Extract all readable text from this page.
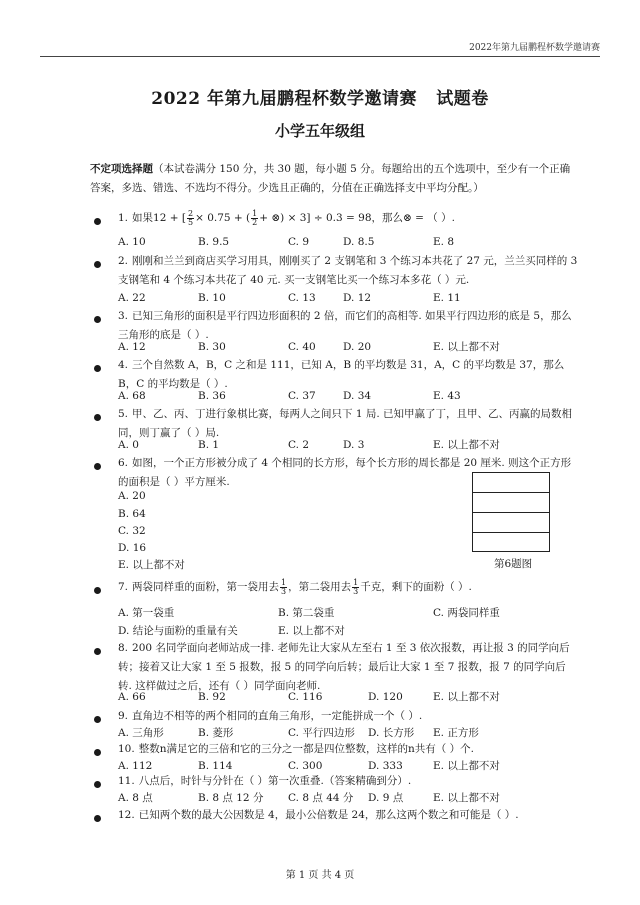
2022年第九届鹏程杯数学邀请赛
2022 年第九届鹏程杯数学邀请赛   试题卷
小学五年级组
不定项选择题（本试卷满分 150 分，共 30 题，每小题 5 分。每题给出的五个选项中，至少有一个正确答案，多选、错选、不选均不得分。少选且正确的，分值在正确选择支中平均分配。）
1. 如果12 + [ $\frac{2}{5} \times 0.75$ + ( $\frac{1}{2}$ + ⊗) × 3] ÷ 0.3 = 98，那么⊗ = （ ）.
A. 10	B. 9.5	C. 9	D. 8.5	E. 8
2. 刚刚和兰兰到商店买学习用具，刚刚买了 2 支钢笔和 3 个练习本共花了 27 元，兰兰买同样的 3 支钢笔和 4 个练习本共花了 40 元. 买一支钢笔比买一个练习本多花（ ）元.
A. 22	B. 10	C. 13	D. 12	E. 11
3. 已知三角形的面积是平行四边形面积的 2 倍，而它们的高相等. 如果平行四边形的底是 5，那么三角形的底是（ ）.
A. 12	B. 30	C. 40	D. 20	E. 以上都不对
4. 三个自然数 A，B，C 之和是 111，已知 A，B 的平均数是 31，A，C 的平均数是 37，那么 B，C 的平均数是（ ）.
A. 68	B. 36	C. 37	D. 34	E. 43
5. 甲、乙、丙、丁进行象棋比赛，每两人之间只下 1 局. 已知甲赢了丁，且甲、乙、丙赢的局数相同，则丁赢了（ ）局.
A. 0	B. 1	C. 2	D. 3	E. 以上都不对
6. 如图，一个正方形被分成了 4 个相同的长方形，每个长方形的周长都是 20 厘米. 则这个正方形的面积是（ ）平方厘米.
A. 20
B. 64
C. 32
D. 16
E. 以上都不对	第6题图
7. 两袋同样重的面粉，第一袋用去 $\frac{1}{3}$ ，第二袋用去 $\frac{1}{3}$ 千克，剩下的面粉（ ）.
A. 第一袋重	B. 第二袋重	C. 两袋同样重
D. 结论与面粉的重量有关	E. 以上都不对
8. 200 名同学面向老师站成一排. 老师先让大家从左至右 1 至 3 依次报数，再让报 3 的同学向后转；接着又让大家 1 至 5 报数，报 5 的同学向后转；最后让大家 1 至 7 报数，报 7 的同学向后转. 这样做过之后，还有（ ）同学面向老师.
A. 66	B. 92	C. 116	D. 120	E. 以上都不对
9. 直角边不相等的两个相同的直角三角形，一定能拼成一个（ ）.
A. 三角形	B. 菱形	C. 平行四边形 D. 长方形 E. 正方形
10. 整数n满足它的三倍和它的三分之一都是四位整数，这样的n共有（ ）个.
A. 112	B. 114	C. 300	D. 333	E. 以上都不对
11. 八点后，时针与分针在（ ）第一次重叠.（答案精确到分）.
A. 8 点	B. 8 点 12 分 C. 8 点 44 分 D. 9 点	E. 以上都不对
12. 已知两个数的最大公因数是 4，最小公倍数是 24，那么这两个数之和可能是（ ）.
第 1 页 共 4 页
